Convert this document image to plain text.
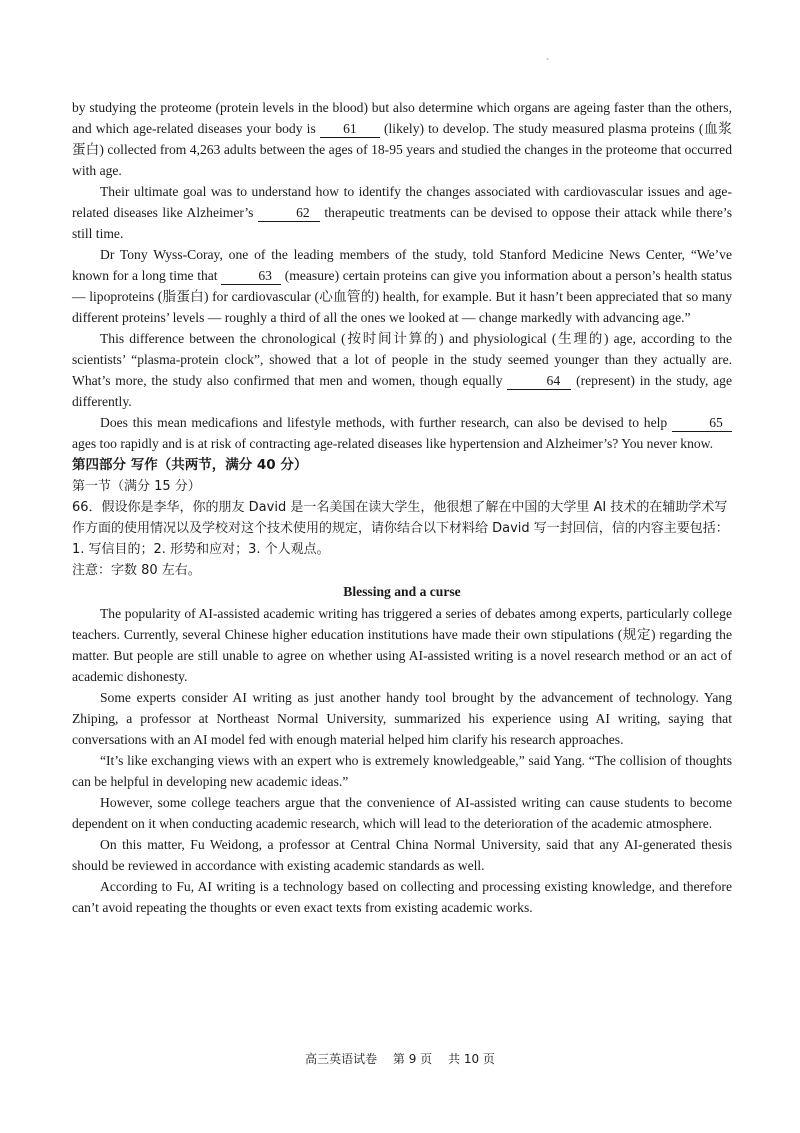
`

by studying the proteome (protein levels in the blood) but also determine which organs are ageing faster than the others, and which age-related diseases your body is 61 (likely) to develop. The study measured plasma proteins (血浆蛋白) collected from 4,263 adults between the ages of 18-95 years and studied the changes in the proteome that occurred with age.

Their ultimate goal was to understand how to identify the changes associated with cardiovascular issues and age-related diseases like Alzheimer’s	62 therapeutic treatments can be devised to oppose their attack while there’s still time.

Dr Tony Wyss-Coray, one of the leading members of the study, told Stanford Medicine News Center, “We’ve known for a long time that	63 (measure) certain proteins can give you information about a person’s health status — lipoproteins (脂蛋白) for cardiovascular (心血管的) health, for example. But it hasn’t been appreciated that so many different proteins’ levels — roughly a third of all the ones we looked at — change markedly with advancing age.”

This difference between the chronological (按时间计算的) and physiological (生理的) age, according to the scientists’ “plasma-protein clock”, showed that a lot of people in the study seemed younger than they actually are. What’s more, the study also confirmed that men and women, though equally	64 (represent) in the study, age differently.

Does this mean medicafions and lifestyle methods, with further research, can also be devised to help	65 ages too rapidly and is at risk of contracting age-related diseases like hypertension and Alzheimer’s? You never know.

第四部分 写作（共两节，满分 40 分）

第一节（满分 15 分）

66．假设你是李华，你的朋友 David 是一名美国在读大学生，他很想了解在中国的大学里 AI 技术的在辅助学术写作方面的使用情况以及学校对这个技术使用的规定，请你结合以下材料给 David 写一封回信，信的内容主要包括：

1. 写信目的；2. 形势和应对；3. 个人观点。

注意：字数 80 左右。

Blessing and a curse

The popularity of AI-assisted academic writing has triggered a series of debates among experts, particularly college teachers. Currently, several Chinese higher education institutions have made their own stipulations (规定) regarding the matter. But people are still unable to agree on whether using AI-assisted writing is a novel research method or an act of academic dishonesty.

Some experts consider AI writing as just another handy tool brought by the advancement of technology. Yang Zhiping, a professor at Northeast Normal University, summarized his experience using AI writing, saying that conversations with an AI model fed with enough material helped him clarify his research approaches.

“It’s like exchanging views with an expert who is extremely knowledgeable,” said Yang. “The collision of thoughts can be helpful in developing new academic ideas.”

However, some college teachers argue that the convenience of AI-assisted writing can cause students to become dependent on it when conducting academic research, which will lead to the deterioration of the academic atmosphere.

On this matter, Fu Weidong, a professor at Central China Normal University, said that any AI-generated thesis should be reviewed in accordance with existing academic standards as well.

According to Fu, AI writing is a technology based on collecting and processing existing knowledge, and therefore can’t avoid repeating the thoughts or even exact texts from existing academic works.

高三英语试卷 第 9 页 共 10 页
